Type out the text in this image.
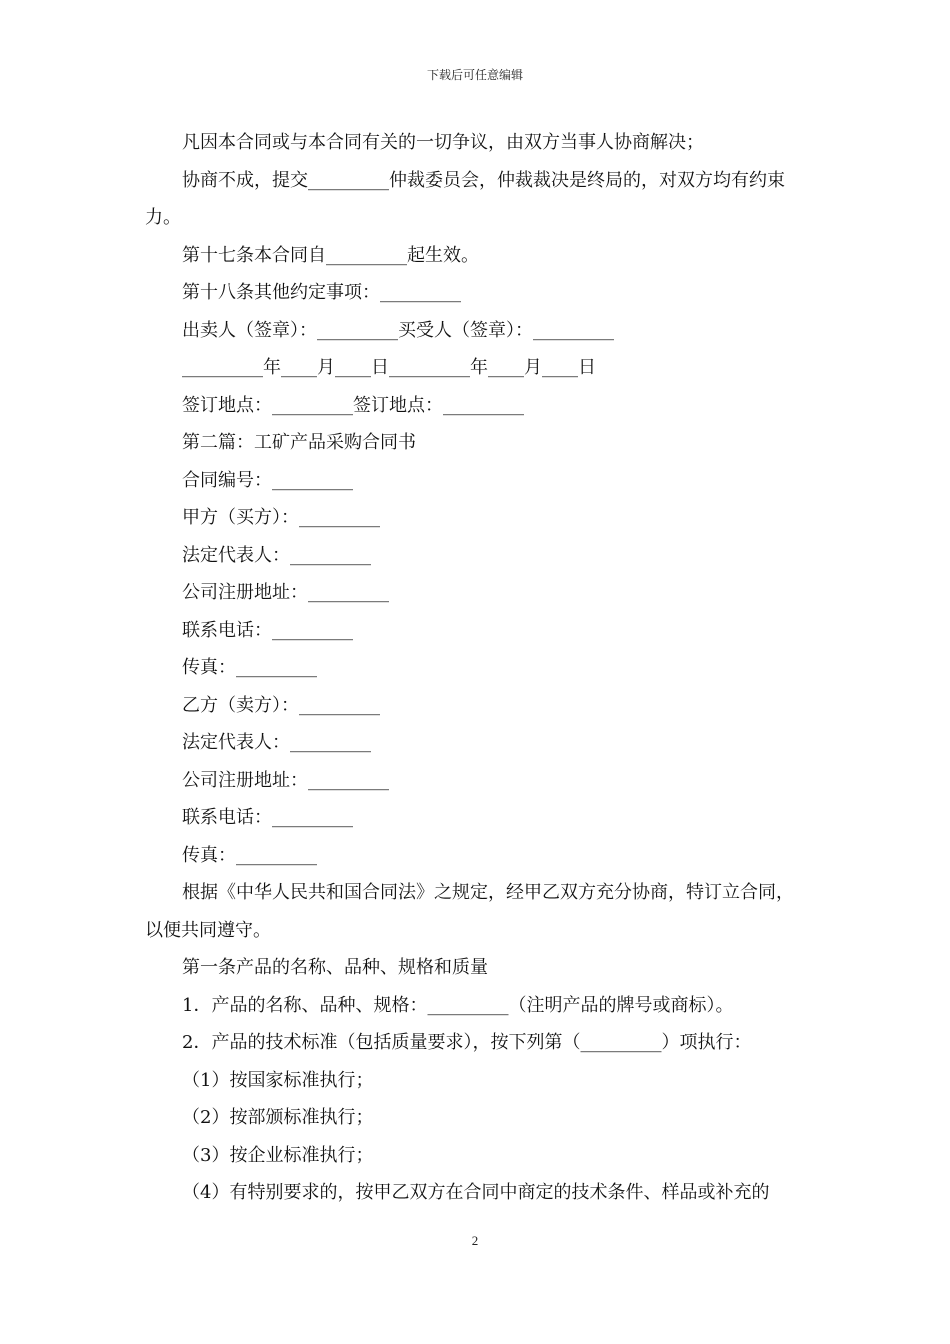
下载后可任意编辑

凡因本合同或与本合同有关的一切争议，由双方当事人协商解决；

协商不成，提交_________仲裁委员会，仲裁裁决是终局的，对双方均有约束力。

第十七条本合同自_________起生效。

第十八条其他约定事项：_________

出卖人（签章）：_________买受人（签章）：_________

_________年____月____日_________年____月____日

签订地点：_________签订地点：_________

第二篇：工矿产品采购合同书

合同编号：_________

甲方（买方）：_________

法定代表人：_________

公司注册地址：_________

联系电话：_________

传真：_________

乙方（卖方）：_________

法定代表人：_________

公司注册地址：_________

联系电话：_________

传真：_________

根据《中华人民共和国合同法》之规定，经甲乙双方充分协商，特订立合同，以便共同遵守。

第一条产品的名称、品种、规格和质量

1．产品的名称、品种、规格：_________（注明产品的牌号或商标）。

2．产品的技术标准（包括质量要求），按下列第（_________）项执行：

（1）按国家标准执行；

（2）按部颁标准执行；

（3）按企业标准执行；

（4）有特别要求的，按甲乙双方在合同中商定的技术条件、样品或补充的

2
